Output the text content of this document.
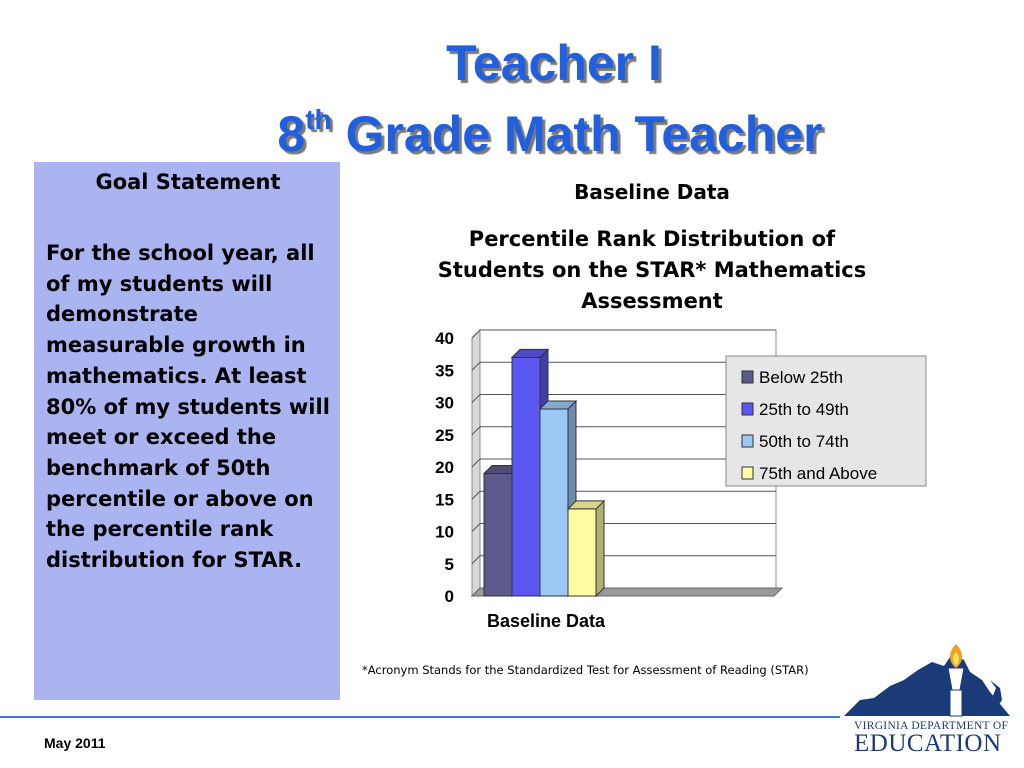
Teacher I
8th Grade Math Teacher

Goal Statement

For the school year, all of my students will demonstrate measurable growth in mathematics. At least 80% of my students will meet or exceed the benchmark of 50th percentile or above on the percentile rank distribution for STAR.

Baseline Data
Percentile Rank Distribution of Students on the STAR* Mathematics Assessment
0
5
10
15
20
25
30
35
40
Below 25th
25th to 49th
50th to 74th
75th and Above
Baseline Data
*Acronym Stands for the Standardized Test for Assessment of Reading (STAR)
May 2011
VIRGINIA DEPARTMENT OF
EDUCATION
